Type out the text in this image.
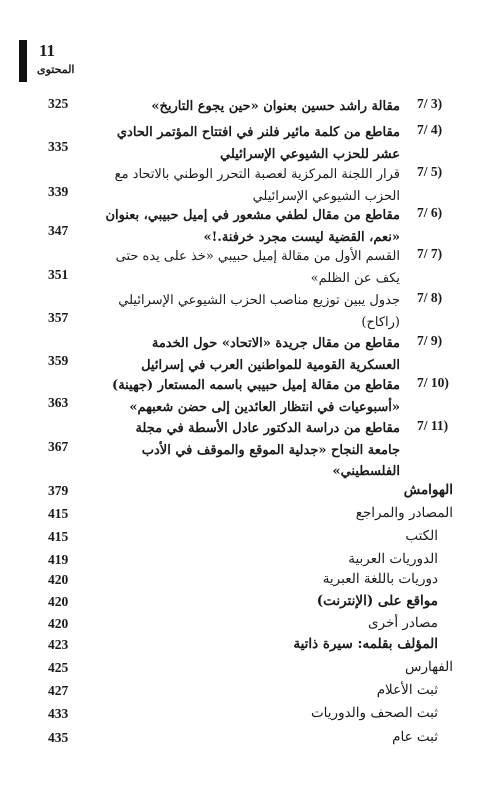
11
المحتوى
7/ 3)
مقالة راشد حسين بعنوان «حين يجوع التاريخ»
325
7/ 4)
مقاطع من كلمة مائير فلنر في افتتاح المؤتمر الحادي عشر للحزب الشيوعي الإسرائيلي
335
7/ 5)
قرار اللجنة المركزية لعصبة التحرر الوطني بالاتحاد مع الحزب الشيوعي الإسرائيلي
339
7/ 6)
مقاطع من مقال لطفي مشعور في إميل حبيبي، بعنوان «نعم، القضية ليست مجرد خرفنة.!»
347
7/ 7)
القسم الأول من مقالة إميل حبيبي «خذ على يده حتى يكف عن الظلم»
351
7/ 8)
جدول يبين توزيع مناصب الحزب الشيوعي الإسرائيلي (راكاح)
357
7/ 9)
مقاطع من مقال جريدة «الاتحاد» حول الخدمة العسكرية القومية للمواطنين العرب في إسرائيل
359
7/ 10)
مقاطع من مقالة إميل حبيبي باسمه المستعار (جهينة) «أسبوعيات في انتظار العائدين إلى حضن شعبهم»
363
7/ 11)
مقاطع من دراسة الدكتور عادل الأسطة في مجلة جامعة النجاح «جدلية الموقع والموقف في الأدب الفلسطيني»
367
الهوامش
379
المصادر والمراجع
415
الكتب
415
الدوريات العربية
419
دوريات باللغة العبرية
420
مواقع على (الإنترنت)
420
مصادر أخرى
420
المؤلف بقلمه: سيرة ذاتية
423
الفهارس
425
ثبت الأعلام
427
ثبت الصحف والدوريات
433
ثبت عام
435
